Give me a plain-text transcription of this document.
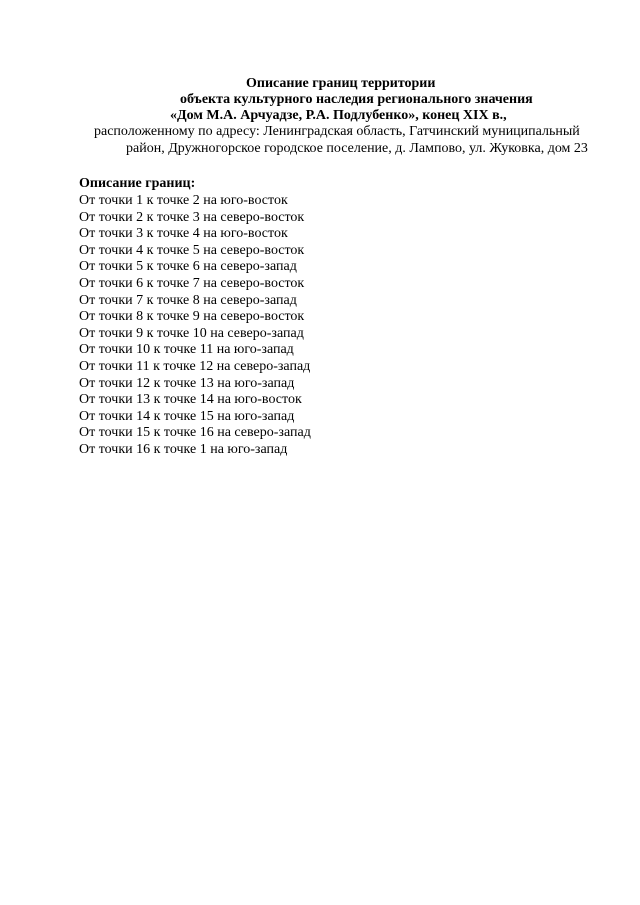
Описание границ территории
объекта культурного наследия регионального значения
«Дом М.А. Арчуадзе, Р.А. Подлубенко», конец XIX в.,
расположенному по адресу: Ленинградская область, Гатчинский муниципальный
район, Дружногорское городское поселение, д. Лампово, ул. Жуковка, дом 23
Описание границ:
От точки 1 к точке 2 на юго-восток
От точки 2 к точке 3 на северо-восток
От точки 3 к точке 4 на юго-восток
От точки 4 к точке 5 на северо-восток
От точки 5 к точке 6 на северо-запад
От точки 6 к точке 7 на северо-восток
От точки 7 к точке 8 на северо-запад
От точки 8 к точке 9 на северо-восток
От точки 9 к точке 10 на северо-запад
От точки 10 к точке 11 на юго-запад
От точки 11 к точке 12 на северо-запад
От точки 12 к точке 13 на юго-запад
От точки 13 к точке 14 на юго-восток
От точки 14 к точке 15 на юго-запад
От точки 15 к точке 16 на северо-запад
От точки 16 к точке 1 на юго-запад
